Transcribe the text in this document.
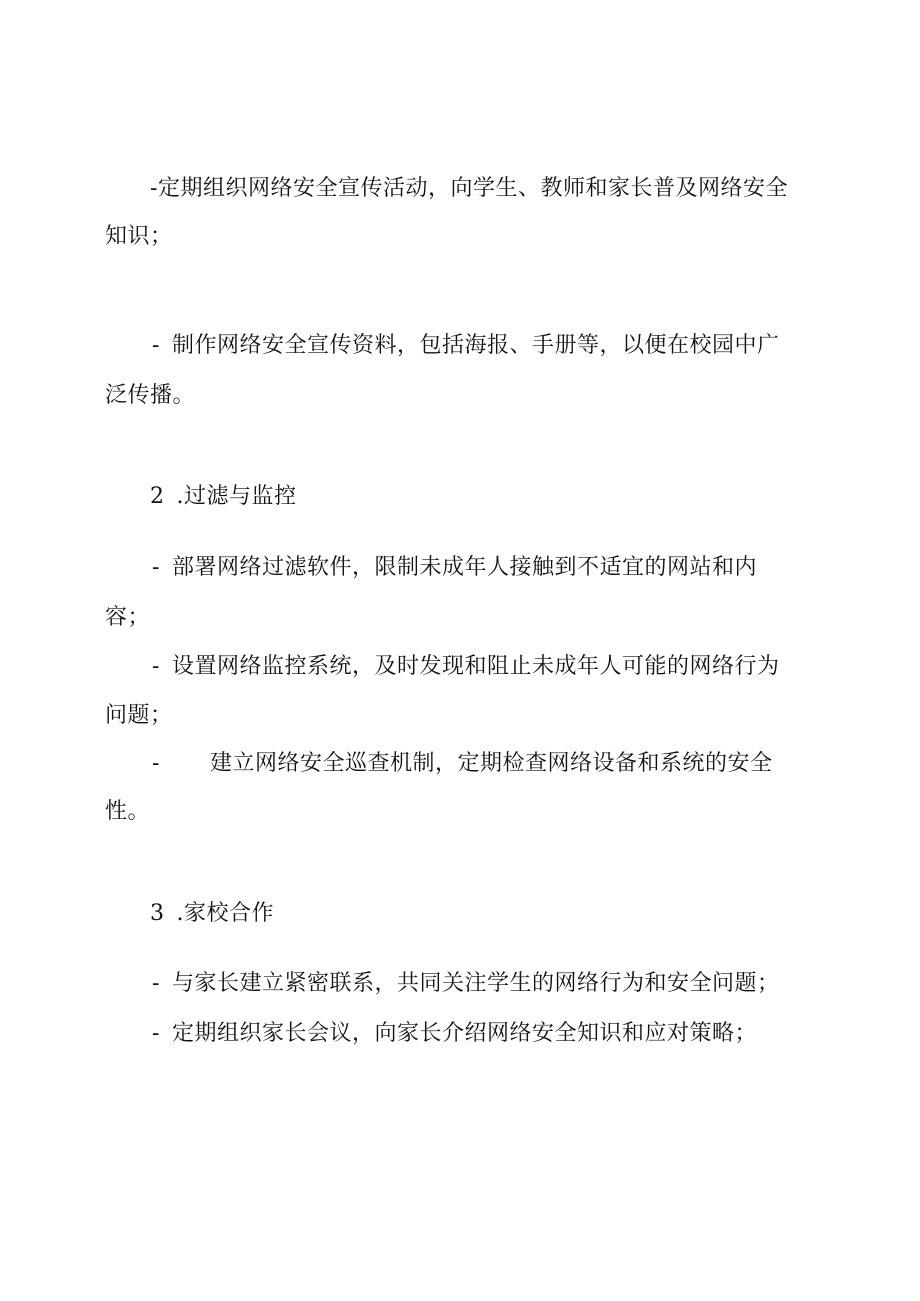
-定期组织网络安全宣传活动，向学生、教师和家长普及网络安全
知识；
- 制作网络安全宣传资料，包括海报、手册等，以便在校园中广
泛传播。
2 .过滤与监控
- 部署网络过滤软件，限制未成年人接触到不适宜的网站和内
容；
- 设置网络监控系统，及时发现和阻止未成年人可能的网络行为
问题；
- 建立网络安全巡查机制，定期检查网络设备和系统的安全
性。
3 .家校合作
- 与家长建立紧密联系，共同关注学生的网络行为和安全问题；
- 定期组织家长会议，向家长介绍网络安全知识和应对策略；
